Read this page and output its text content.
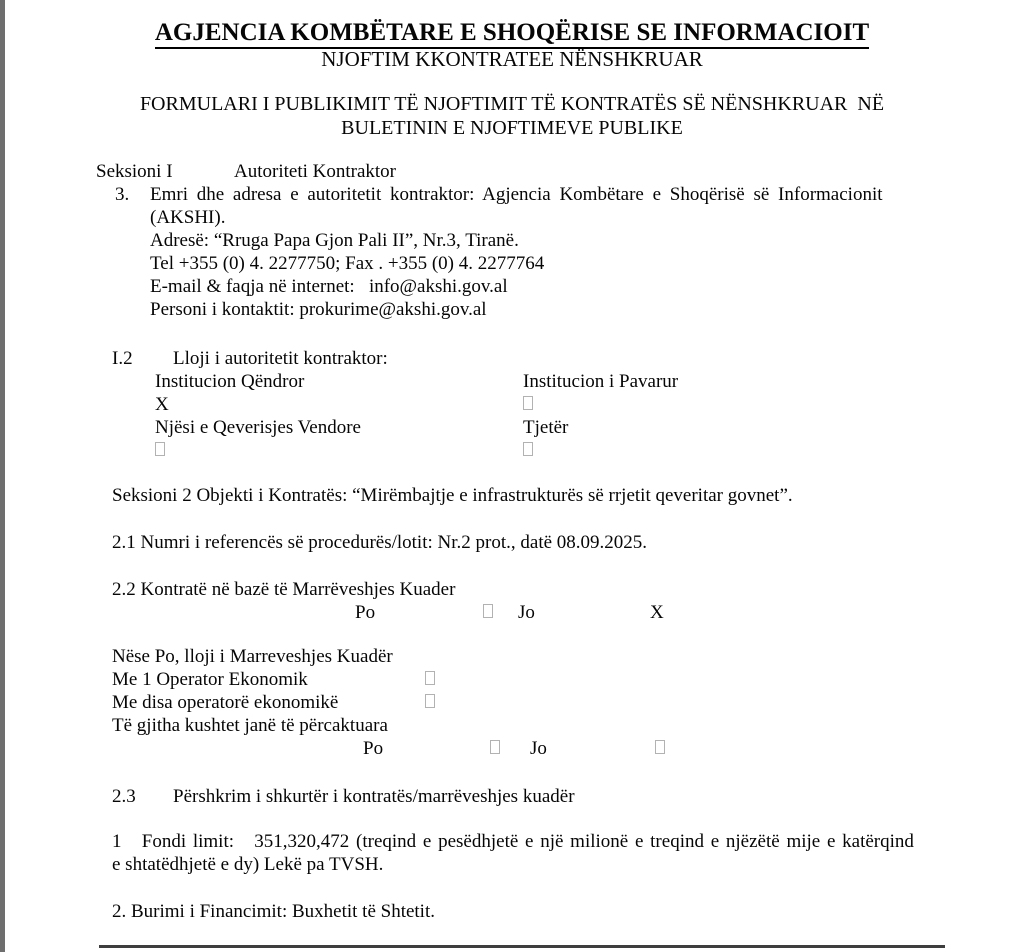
AGJENCIA KOMBËTARE E SHOQËRISE SE INFORMACIOIT
NJOFTIM KKONTRATEE NËNSHKRUAR
FORMULARI I PUBLIKIMIT TË NJOFTIMIT TË KONTRATËS SË NËNSHKRUAR  NË
BULETININ E NJOFTIMEVE PUBLIKE
Seksioni I	Autoriteti Kontraktor
3. Emri dhe adresa e autoritetit kontraktor: Agjencia Kombëtare e Shoqërisë së Informacionit
(AKSHI).
Adresë: “Rruga Papa Gjon Pali II”, Nr.3, Tiranë.
Tel +355 (0) 4. 2277750; Fax . +355 (0) 4. 2277764
E-mail & faqja në internet:   info@akshi.gov.al
Personi i kontaktit: prokurime@akshi.gov.al
I.2 Lloji i autoritetit kontraktor:
Institucion Qëndror	Institucion i Pavarur
X
Njësi e Qeverisjes Vendore	Tjetër
Seksioni 2 Objekti i Kontratës: “Mirëmbajtje e infrastrukturës së rrjetit qeveritar govnet”.
2.1 Numri i referencës së procedurës/lotit: Nr.2 prot., datë 08.09.2025.
2.2 Kontratë në bazë të Marrëveshjes Kuader
Po	Jo	X
Nëse Po, lloji i Marreveshjes Kuadër
Me 1 Operator Ekonomik
Me disa operatorë ekonomikë
Të gjitha kushtet janë të përcaktuara
Po	Jo
2.3 Përshkrim i shkurtër i kontratës/marrëveshjes kuadër
1   Fondi limit:   351,320,472 (treqind e pesëdhjetë e një milionë e treqind e njëzëtë mije e katërqind
e shtatëdhjetë e dy) Lekë pa TVSH.
2. Burimi i Financimit: Buxhetit të Shtetit.
